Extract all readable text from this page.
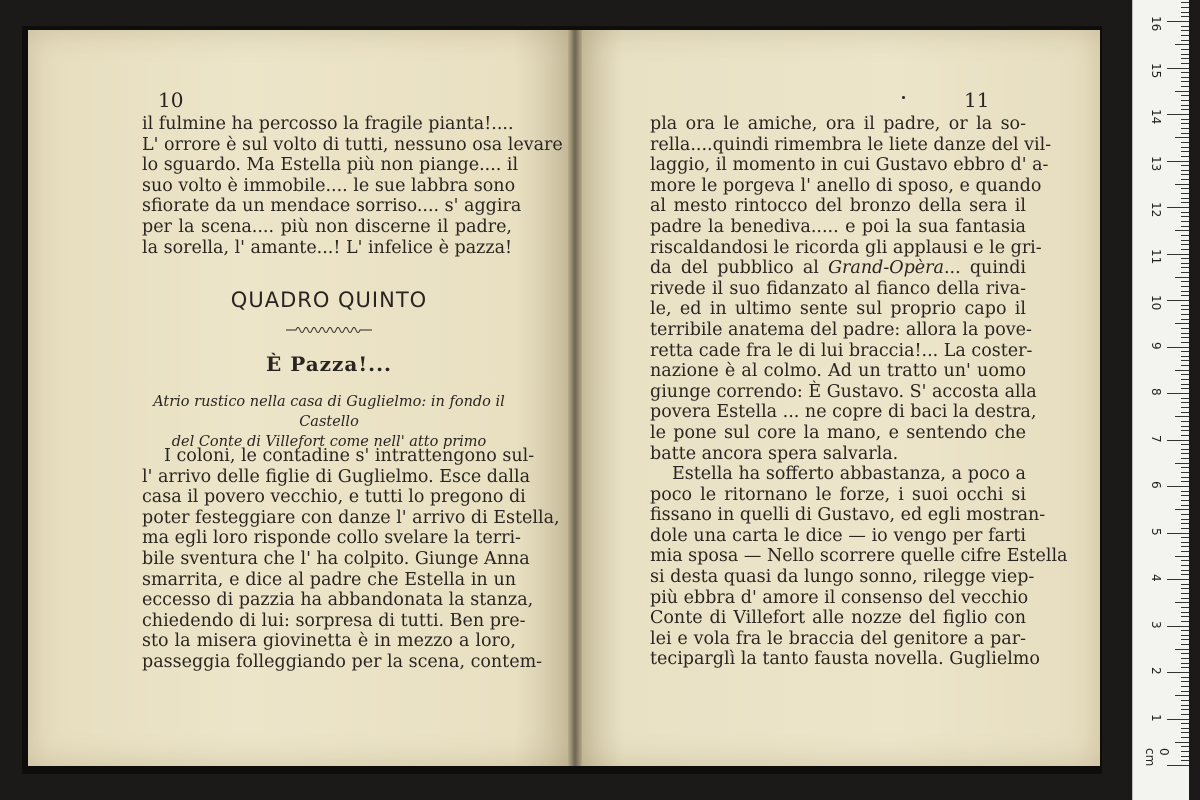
10
il fulmine ha percosso la fragile pianta!....
L' orrore è sul volto di tutti, nessuno osa levare
lo sguardo. Ma Estella più non piange.... il
suo volto è immobile.... le sue labbra sono
sfiorate da un mendace sorriso.... s' aggira
per la scena.... più non discerne il padre,
la sorella, l' amante...! L' infelice è pazza!
QUADRO QUINTO
È Pazza!...
Atrio rustico nella casa di Guglielmo: in fondo il Castello
del Conte di Villefort come nell' atto primo
I coloni, le contadine s' intrattengono sul-
l' arrivo delle figlie di Guglielmo. Esce dalla
casa il povero vecchio, e tutti lo pregono di
poter festeggiare con danze l' arrivo di Estella,
ma egli loro risponde collo svelare la terri-
bile sventura che l' ha colpito. Giunge Anna
smarrita, e dice al padre che Estella in un
eccesso di pazzia ha abbandonata la stanza,
chiedendo di lui: sorpresa di tutti. Ben pre-
sto la misera giovinetta è in mezzo a loro,
passeggia folleggiando per la scena, contem-
11
pla ora le amiche, ora il padre, or la so-
rella....quindi rimembra le liete danze del vil-
laggio, il momento in cui Gustavo ebbro d' a-
more le porgeva l' anello di sposo, e quando
al mesto rintocco del bronzo della sera il
padre la benediva..... e poi la sua fantasia
riscaldandosi le ricorda gli applausi e le gri-
da del pubblico al Grand-Opèra... quindi
rivede il suo fidanzato al fianco della riva-
le, ed in ultimo sente sul proprio capo il
terribile anatema del padre: allora la pove-
retta cade fra le di lui braccia!... La coster-
nazione è al colmo. Ad un tratto un' uomo
giunge correndo: È Gustavo. S' accosta alla
povera Estella ... ne copre di baci la destra,
le pone sul core la mano, e sentendo che
batte ancora spera salvarla.
Estella ha sofferto abbastanza, a poco a
poco le ritornano le forze, i suoi occhi si
fissano in quelli di Gustavo, ed egli mostran-
dole una carta le dice — io vengo per farti
mia sposa — Nello scorrere quelle cifre Estella
si desta quasi da lungo sonno, rilegge viep-
più ebbra d' amore il consenso del vecchio
Conte di Villefort alle nozze del figlio con
lei e vola fra le braccia del genitore a par-
teciparglì la tanto fausta novella. Guglielmo
0 cm
1
2
3
4
5
6
7
8
9
10
11
12
13
14
15
16
